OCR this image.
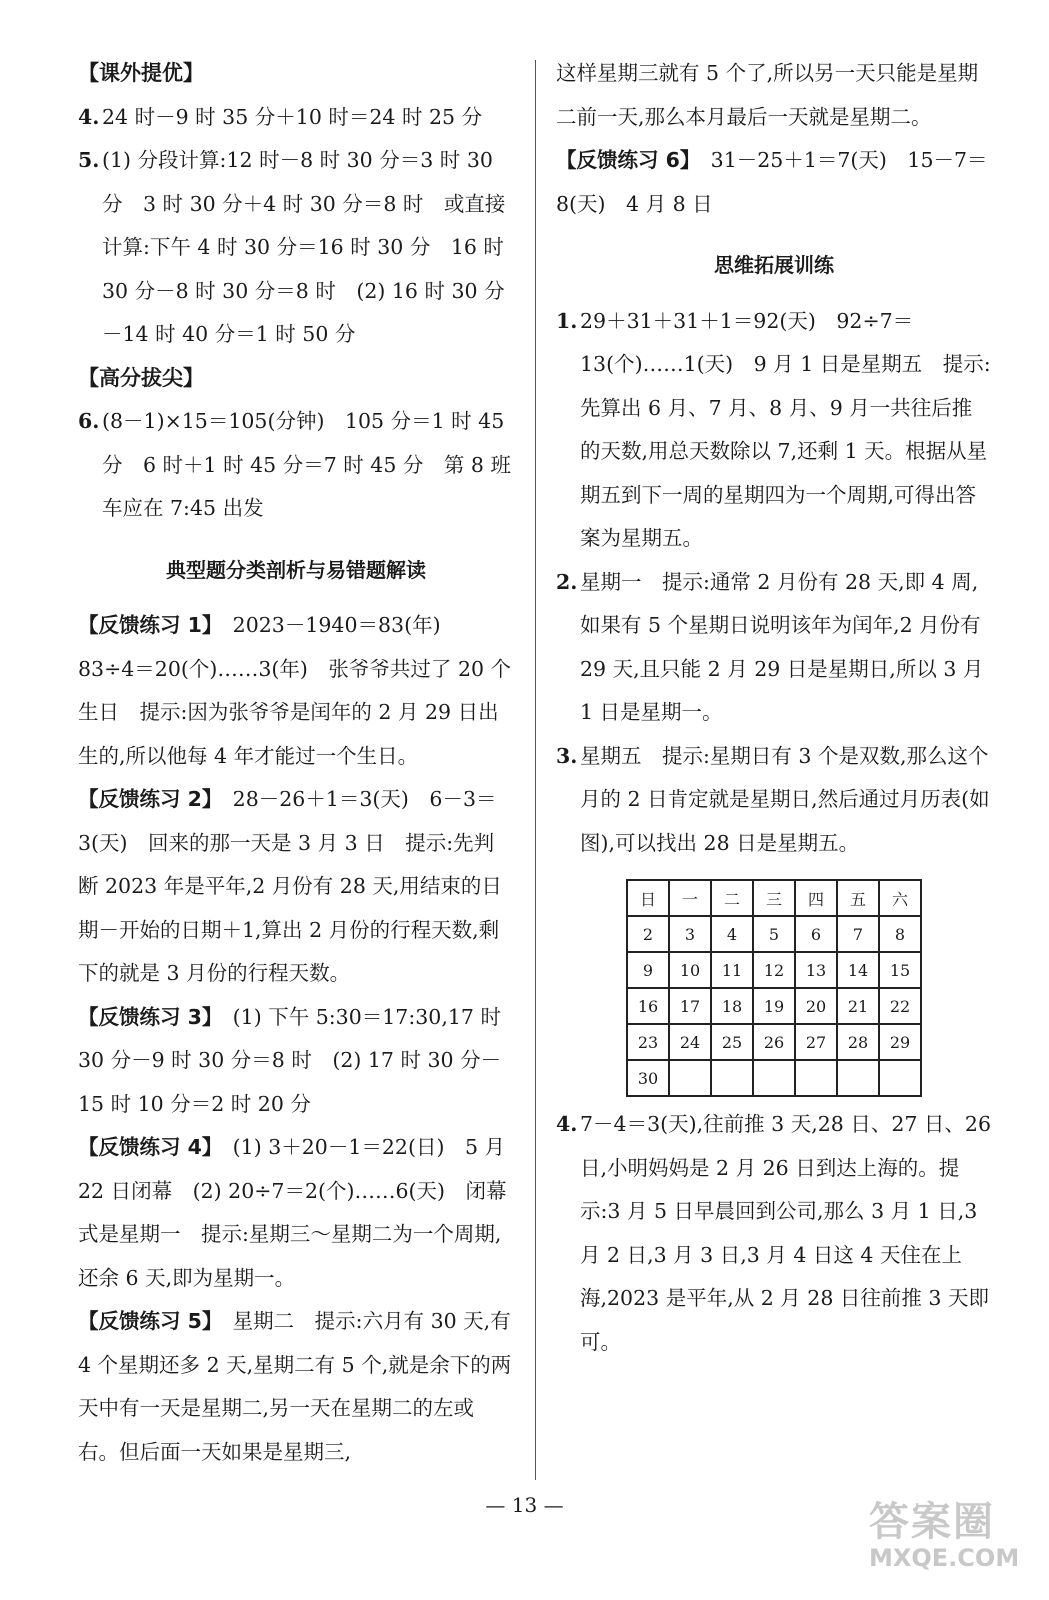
【课外提优】

4. 24 时－9 时 35 分＋10 时＝24 时 25 分
5. (1) 分段计算:12 时－8 时 30 分＝3 时 30 分　3 时 30 分＋4 时 30 分＝8 时　或直接计算:下午 4 时 30 分＝16 时 30 分　16 时 30 分－8 时 30 分＝8 时　(2) 16 时 30 分－14 时 40 分＝1 时 50 分

【高分拔尖】

6. (8－1)×15＝105(分钟)　105 分＝1 时 45 分　6 时＋1 时 45 分＝7 时 45 分　第 8 班车应在 7:45 出发

典型题分类剖析与易错题解读

【反馈练习 1】　2023－1940＝83(年)　83÷4＝20(个)……3(年)　张爷爷共过了 20 个生日　提示:因为张爷爷是闰年的 2 月 29 日出生的,所以他每 4 年才能过一个生日。

【反馈练习 2】　28－26＋1＝3(天)　6－3＝3(天)　回来的那一天是 3 月 3 日　提示:先判断 2023 年是平年,2 月份有 28 天,用结束的日期－开始的日期＋1,算出 2 月份的行程天数,剩下的就是 3 月份的行程天数。

【反馈练习 3】　(1) 下午 5:30＝17:30,17 时 30 分－9 时 30 分＝8 时　(2) 17 时 30 分－15 时 10 分＝2 时 20 分

【反馈练习 4】　(1) 3＋20－1＝22(日)　5 月 22 日闭幕　(2) 20÷7＝2(个)……6(天)　闭幕式是星期一　提示:星期三～星期二为一个周期,还余 6 天,即为星期一。

【反馈练习 5】　星期二　提示:六月有 30 天,有 4 个星期还多 2 天,星期二有 5 个,就是余下的两天中有一天是星期二,另一天在星期二的左或右。但后面一天如果是星期三,

这样星期三就有 5 个了,所以另一天只能是星期二前一天,那么本月最后一天就是星期二。

【反馈练习 6】　31－25＋1＝7(天)　15－7＝8(天)　4 月 8 日

思维拓展训练

1. 29＋31＋31＋1＝92(天)　92÷7＝13(个)……1(天)　9 月 1 日是星期五　提示:先算出 6 月、7 月、8 月、9 月一共往后推的天数,用总天数除以 7,还剩 1 天。根据从星期五到下一周的星期四为一个周期,可得出答案为星期五。
2. 星期一　提示:通常 2 月份有 28 天,即 4 周,如果有 5 个星期日说明该年为闰年,2 月份有 29 天,且只能 2 月 29 日是星期日,所以 3 月 1 日是星期一。
3. 星期五　提示:星期日有 3 个是双数,那么这个月的 2 日肯定就是星期日,然后通过月历表(如图),可以找出 28 日是星期五。
日	一	二	三	四	五	六
2	3	4	5	6	7	8
9	10	11	12	13	14	15
16	17	18	19	20	21	22
23	24	25	26	27	28	29
30						
4. 7－4＝3(天),往前推 3 天,28 日、27 日、26 日,小明妈妈是 2 月 26 日到达上海的。提示:3 月 5 日早晨回到公司,那么 3 月 1 日,3 月 2 日,3 月 3 日,3 月 4 日这 4 天住在上海,2023 是平年,从 2 月 28 日往前推 3 天即可。
— 13 —	答案圈
MXQE.COM
